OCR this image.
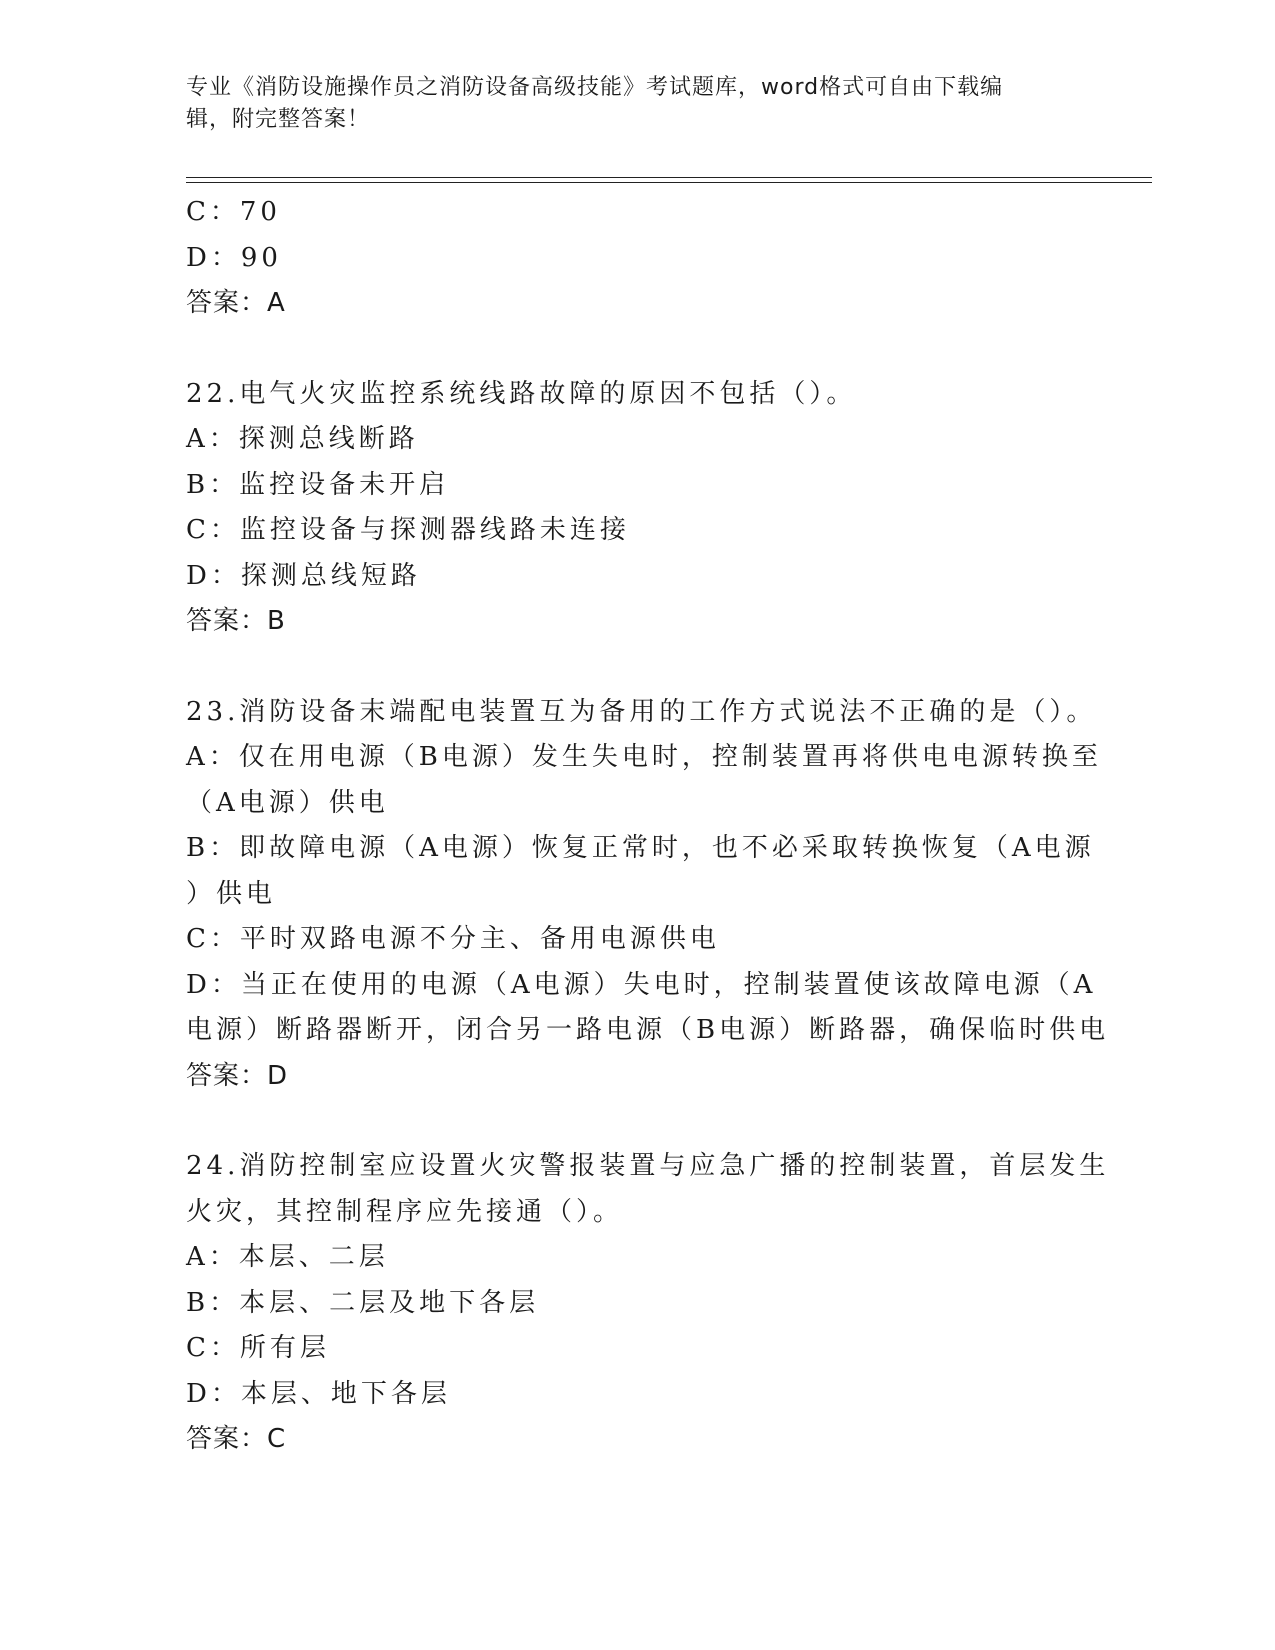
专业《消防设施操作员之消防设备高级技能》考试题库，word格式可自由下载编
辑，附完整答案！
C：70
D：90
答案：A
22.电气火灾监控系统线路故障的原因不包括（）。
A：探测总线断路
B：监控设备未开启
C：监控设备与探测器线路未连接
D：探测总线短路
答案：B
23.消防设备末端配电装置互为备用的工作方式说法不正确的是（）。
A：仅在用电源（B电源）发生失电时，控制装置再将供电电源转换至
（A电源）供电
B：即故障电源（A电源）恢复正常时，也不必采取转换恢复（A电源
）供电
C：平时双路电源不分主、备用电源供电
D：当正在使用的电源（A电源）失电时，控制装置使该故障电源（A
电源）断路器断开，闭合另一路电源（B电源）断路器，确保临时供电
答案：D
24.消防控制室应设置火灾警报装置与应急广播的控制装置，首层发生
火灾，其控制程序应先接通（）。
A：本层、二层
B：本层、二层及地下各层
C：所有层
D：本层、地下各层
答案：C
